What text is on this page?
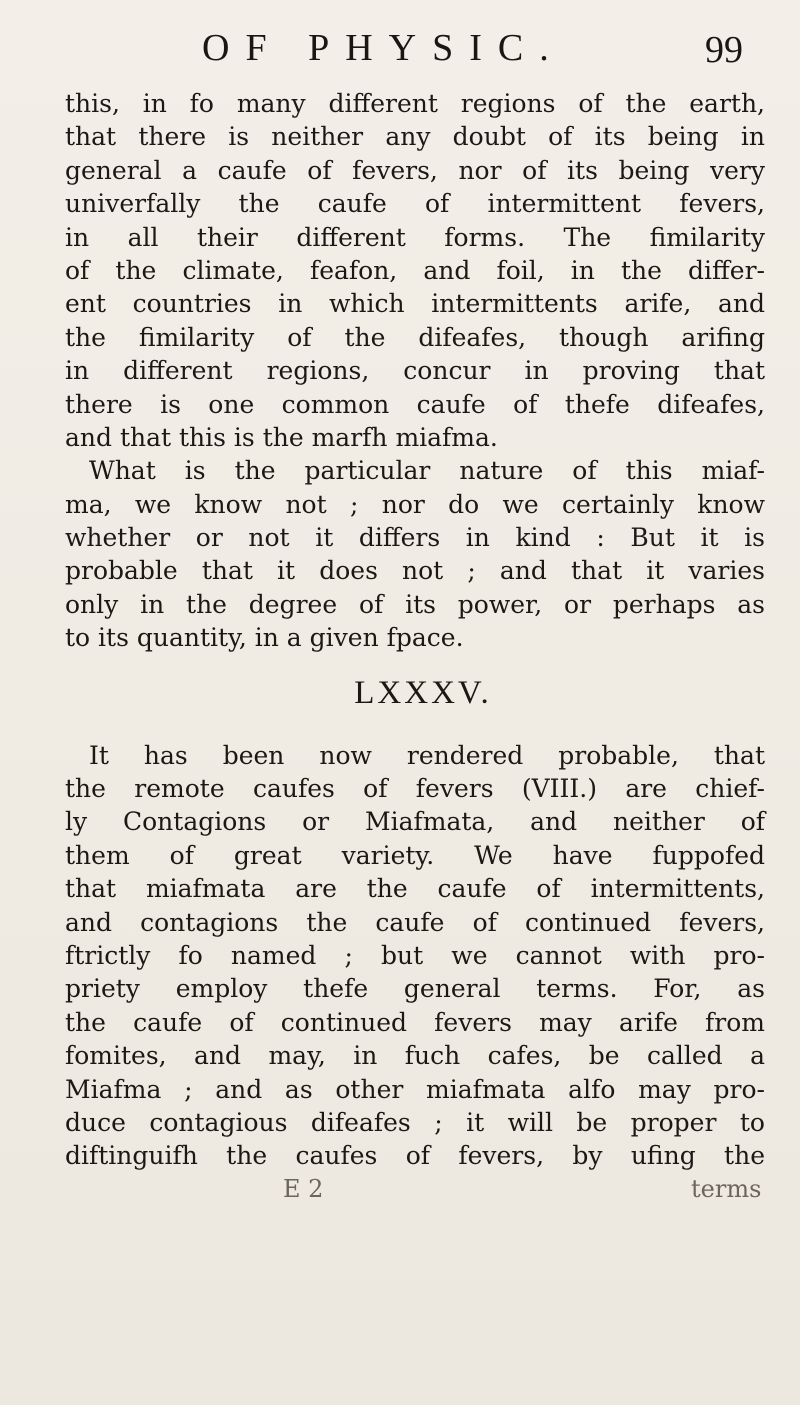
OF PHYSIC.	99
this, in fo many different regions of the earth,
that there is neither any doubt of its being in
general a caufe of fevers, nor of its being very
univerfally the caufe of intermittent fevers,
in all their different forms. The fimilarity
of the climate, feafon, and foil, in the differ-
ent countries in which intermittents arife, and
the fimilarity of the difeafes, though arifing
in different regions, concur in proving that
there is one common caufe of thefe difeafes,
and that this is the marfh miafma.
What is the particular nature of this miaf-
ma, we know not ; nor do we certainly know
whether or not it differs in kind : But it is
probable that it does not ; and that it varies
only in the degree of its power, or perhaps as
to its quantity, in a given fpace.
LXXXV.
It has been now rendered probable, that
the remote caufes of fevers (VIII.) are chief-
ly Contagions or Miafmata, and neither of
them of great variety. We have fuppofed
that miafmata are the caufe of intermittents,
and contagions the caufe of continued fevers,
ftrictly fo named ; but we cannot with pro-
priety employ thefe general terms. For, as
the caufe of continued fevers may arife from
fomites, and may, in fuch cafes, be called a
Miafma ; and as other miafmata alfo may pro-
duce contagious difeafes ; it will be proper to
diftinguifh the caufes of fevers, by ufing the
E 2	terms
